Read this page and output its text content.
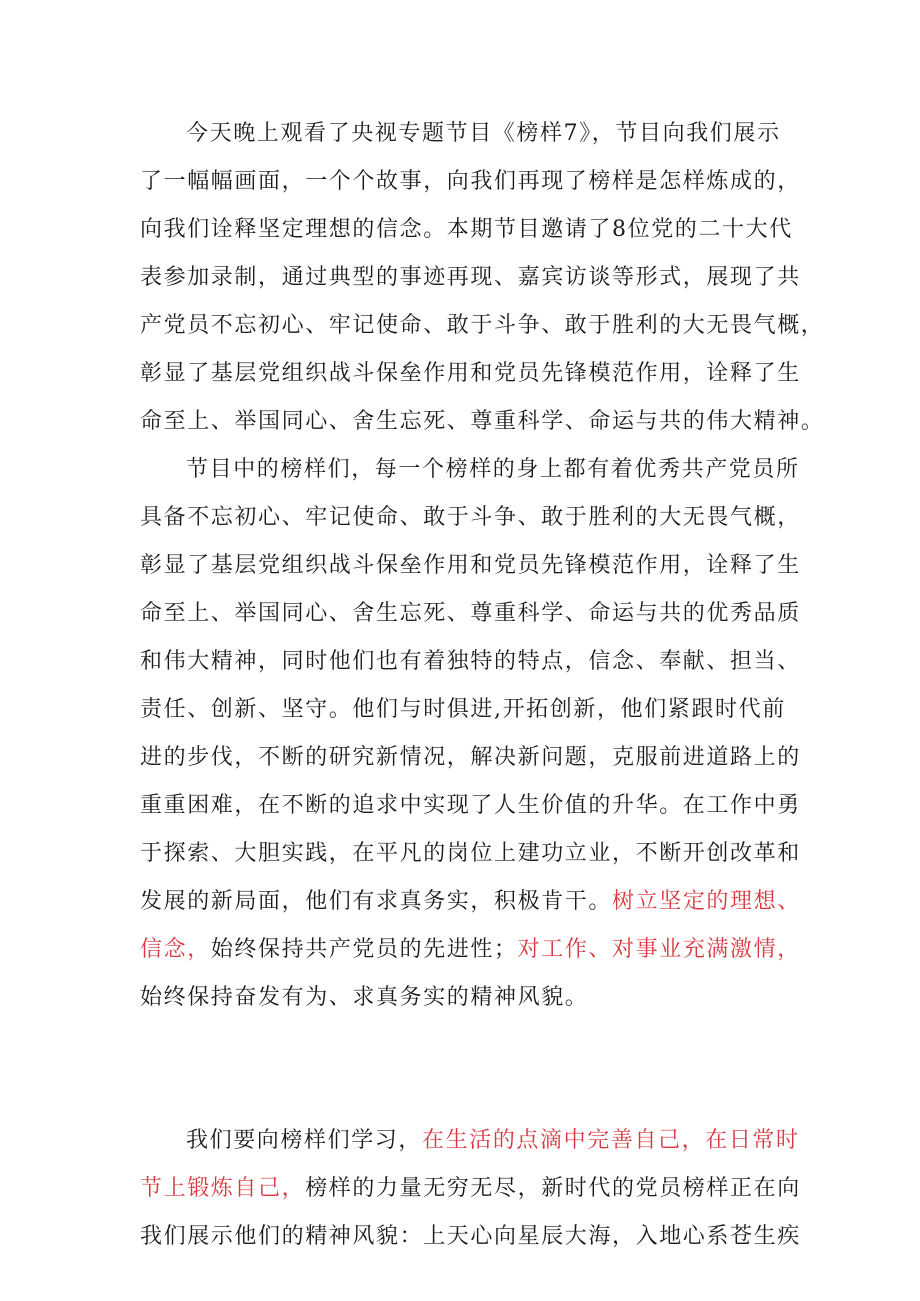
今天晚上观看了央视专题节目《榜样7》，节目向我们展示
了一幅幅画面，一个个故事，向我们再现了榜样是怎样炼成的，
向我们诠释坚定理想的信念。本期节目邀请了8位党的二十大代
表参加录制，通过典型的事迹再现、嘉宾访谈等形式，展现了共
产党员不忘初心、牢记使命、敢于斗争、敢于胜利的大无畏气概，
彰显了基层党组织战斗保垒作用和党员先锋模范作用，诠释了生
命至上、举国同心、舍生忘死、尊重科学、命运与共的伟大精神。
节目中的榜样们，每一个榜样的身上都有着优秀共产党员所
具备不忘初心、牢记使命、敢于斗争、敢于胜利的大无畏气概，
彰显了基层党组织战斗保垒作用和党员先锋模范作用，诠释了生
命至上、举国同心、舍生忘死、尊重科学、命运与共的优秀品质
和伟大精神，同时他们也有着独特的特点，信念、奉献、担当、
责任、创新、坚守。他们与时俱进,开拓创新，他们紧跟时代前
进的步伐，不断的研究新情况，解决新问题，克服前进道路上的
重重困难，在不断的追求中实现了人生价值的升华。在工作中勇
于探索、大胆实践，在平凡的岗位上建功立业，不断开创改革和
发展的新局面，他们有求真务实，积极肯干。树立坚定的理想、
信念，始终保持共产党员的先进性；对工作、对事业充满激情，
始终保持奋发有为、求真务实的精神风貌。
我们要向榜样们学习，在生活的点滴中完善自己，在日常时
节上锻炼自己，榜样的力量无穷无尽，新时代的党员榜样正在向
我们展示他们的精神风貌：上天心向星辰大海，入地心系苍生疾
